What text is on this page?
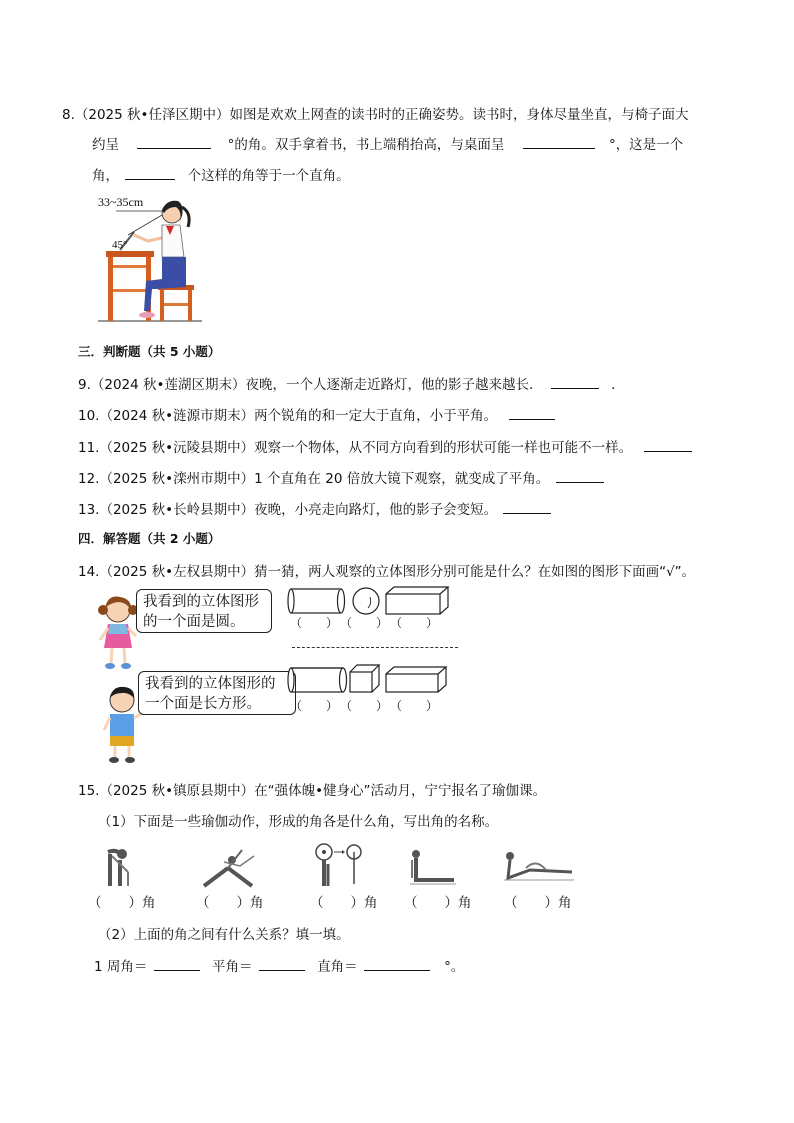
8.（2025 秋•任泽区期中）如图是欢欢上网查的读书时的正确姿势。读书时，身体尽量坐直，与椅子面大
约呈	°的角。双手拿着书，书上端稍抬高，与桌面呈	°，这是一个
角，	个这样的角等于一个直角。
33~35cm
45°
三．判断题（共 5 小题）
9.（2024 秋•莲湖区期末）夜晚，一个人逐渐走近路灯，他的影子越来越长．	．
10.（2024 秋•涟源市期末）两个锐角的和一定大于直角，小于平角。
11.（2025 秋•沅陵县期中）观察一个物体，从不同方向看到的形状可能一样也可能不一样。
12.（2025 秋•滦州市期中）1 个直角在 20 倍放大镜下观察，就变成了平角。
13.（2025 秋•长岭县期中）夜晚，小亮走向路灯，他的影子会变短。
四．解答题（共 2 小题）
14.（2025 秋•左权县期中）猜一猜，两人观察的立体图形分别可能是什么？在如图的图形下面画“√”。
我看到的立体图形
的一个面是圆。	（　　） （　　） （　　）
我看到的立体图形的
一个面是长方形。	（　　） （　　） （　　）
15.（2025 秋•镇原县期中）在“强体魄•健身心”活动月，宁宁报名了瑜伽课。
（1）下面是一些瑜伽动作，形成的角各是什么角，写出角的名称。
（　　）角	（　　）角	（　　）角 （　　）角 （　　）角
（2）上面的角之间有什么关系？填一填。
1 周角＝	平角＝	直角＝	°。
